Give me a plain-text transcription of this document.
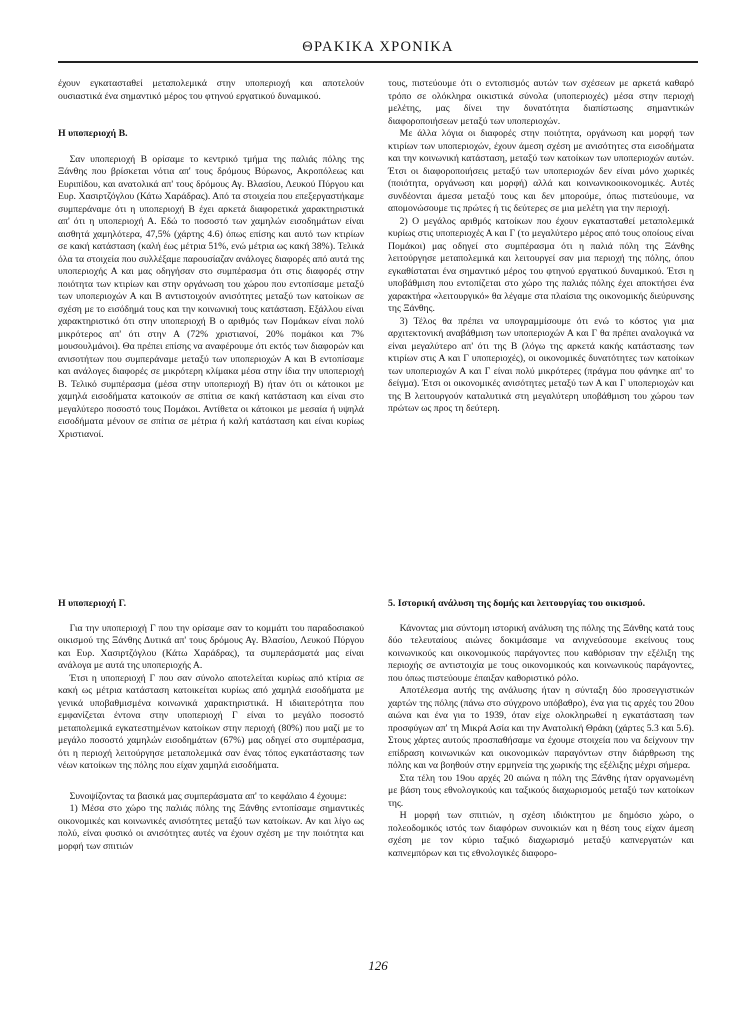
ΘΡΑΚΙΚΑ ΧΡΟΝΙΚΑ

έχουν εγκατασταθεί μεταπολεμικά στην υποπεριοχή και αποτελούν ουσιαστικά ένα σημαντικό μέρος του φτηνού εργατικού δυναμικού.

Η υποπεριοχή Β.

Σαν υποπεριοχή Β ορίσαμε το κεντρικό τμήμα της παλιάς πόλης της Ξάνθης που βρίσκεται νότια απ' τους δρόμους Βύρωνος, Ακροπόλεως και Ευριπίδου, και ανατολικά απ' τους δρόμους Αγ. Βλασίου, Λευκού Πύργου και Ευρ. Χασιρτζόγλου (Κάτω Χαράδρας). Από τα στοιχεία που επεξεργαστήκαμε συμπεράναμε ότι η υποπεριοχή Β έχει αρκετά διαφορετικά χαρακτηριστικά απ' ότι η υποπεριοχή Α. Εδώ το ποσοστό των χαμηλών εισοδημάτων είναι αισθητά χαμηλότερα, 47,5% (χάρτης 4.6) όπως επίσης και αυτό των κτιρίων σε κακή κατάσταση (καλή έως μέτρια 51%, ενώ μέτρια ως κακή 38%). Τελικά όλα τα στοιχεία που συλλέξαμε παρουσίαζαν ανάλογες διαφορές από αυτά της υποπεριοχής Α και μας οδηγήσαν στο συμπέρασμα ότι στις διαφορές στην ποιότητα των κτιρίων και στην οργάνωση του χώρου που εντοπίσαμε μεταξύ των υποπεριοχών Α και Β αντιστοιχούν ανισότητες μεταξύ των κατοίκων σε σχέση με το εισόδημά τους και την κοινωνική τους κατάσταση. Εξάλλου είναι χαρακτηριστικό ότι στην υποπεριοχή Β ο αριθμός των Πομάκων είναι πολύ μικρότερος απ' ότι στην Α (72% χριστιανοί, 20% πομάκοι και 7% μουσουλμάνοι). Θα πρέπει επίσης να αναφέρουμε ότι εκτός των διαφορών και ανισοτήτων που συμπεράναμε μεταξύ των υποπεριοχών Α και Β εντοπίσαμε και ανάλογες διαφορές σε μικρότερη κλίμακα μέσα στην ίδια την υποπεριοχή Β. Τελικό συμπέρασμα (μέσα στην υποπεριοχή Β) ήταν ότι οι κάτοικοι με χαμηλά εισοδήματα κατοικούν σε σπίτια σε κακή κατάσταση και είναι στο μεγαλύτερο ποσοστό τους Πομάκοι. Αντίθετα οι κάτοικοι με μεσαία ή υψηλά εισοδήματα μένουν σε σπίτια σε μέτρια ή καλή κατάσταση και είναι κυρίως Χριστιανοί.

τους, πιστεύουμε ότι ο εντοπισμός αυτών των σχέσεων με αρκετά καθαρό τρόπο σε ολόκληρα οικιστικά σύνολα (υποπεριοχές) μέσα στην περιοχή μελέτης, μας δίνει την δυνατότητα διαπίστωσης σημαντικών διαφοροποιήσεων μεταξύ των υποπεριοχών.

Με άλλα λόγια οι διαφορές στην ποιότητα, οργάνωση και μορφή των κτιρίων των υποπεριοχών, έχουν άμεση σχέση με ανισότητες στα εισοδήματα και την κοινωνική κατάσταση, μεταξύ των κατοίκων των υποπεριοχών αυτών. Έτσι οι διαφοροποιήσεις μεταξύ των υποπεριοχών δεν είναι μόνο χωρικές (ποιότητα, οργάνωση και μορφή) αλλά και κοινωνικοοικονομικές. Αυτές συνδέονται άμεσα μεταξύ τους και δεν μπορούμε, όπως πιστεύουμε, να απομονώσουμε τις πρώτες ή τις δεύτερες σε μια μελέτη για την περιοχή.

2) Ο μεγάλος αριθμός κατοίκων που έχουν εγκατασταθεί μεταπολεμικά κυρίως στις υποπεριοχές Α και Γ (το μεγαλύτερο μέρος από τους οποίους είναι Πομάκοι) μας οδηγεί στο συμπέρασμα ότι η παλιά πόλη της Ξάνθης λειτούργησε μεταπολεμικά και λειτουργεί σαν μια περιοχή της πόλης, όπου εγκαθίσταται ένα σημαντικό μέρος του φτηνού εργατικού δυναμικού. Έτσι η υποβάθμιση που εντοπίζεται στο χώρο της παλιάς πόλης έχει αποκτήσει ένα χαρακτήρα «λειτουργικό» θα λέγαμε στα πλαίσια της οικονομικής διεύρυνσης της Ξάνθης.

3) Τέλος θα πρέπει να υπογραμμίσουμε ότι ενώ το κόστος για μια αρχιτεκτονική αναβάθμιση των υποπεριοχών Α και Γ θα πρέπει αναλογικά να είναι μεγαλύτερο απ' ότι της Β (λόγω της αρκετά κακής κατάστασης των κτιρίων στις Α και Γ υποπεριοχές), οι οικονομικές δυνατότητες των κατοίκων των υποπεριοχών Α και Γ είναι πολύ μικρότερες (πράγμα που φάνηκε απ' το δείγμα). Έτσι οι οικονομικές ανισότητες μεταξύ των Α και Γ υποπεριοχών και της Β λειτουργούν καταλυτικά στη μεγαλύτερη υποβάθμιση του χώρου των πρώτων ως προς τη δεύτερη.

Η υποπεριοχή Γ.

Για την υποπεριοχή Γ που την ορίσαμε σαν το κομμάτι του παραδοσιακού οικισμού της Ξάνθης Δυτικά απ' τους δρόμους Αγ. Βλασίου, Λευκού Πύργου και Ευρ. Χασιρτζόγλου (Κάτω Χαράδρας), τα συμπεράσματά μας είναι ανάλογα με αυτά της υποπεριοχής Α.

Έτσι η υποπεριοχή Γ που σαν σύνολο αποτελείται κυρίως από κτίρια σε κακή ως μέτρια κατάσταση κατοικείται κυρίως από χαμηλά εισοδήματα με γενικά υποβαθμισμένα κοινωνικά χαρακτηριστικά. Η ιδιαιτερότητα που εμφανίζεται έντονα στην υποπεριοχή Γ είναι το μεγάλο ποσοστό μεταπολεμικά εγκατεστημένων κατοίκων στην περιοχή (80%) που μαζί με το μεγάλο ποσοστό χαμηλών εισοδημάτων (67%) μας οδηγεί στο συμπέρασμα, ότι η περιοχή λειτούργησε μεταπολεμικά σαν ένας τόπος εγκατάστασης των νέων κατοίκων της πόλης που είχαν χαμηλά εισοδήματα.

Συνοψίζοντας τα βασικά μας συμπεράσματα απ' το κεφάλαιο 4 έχουμε:

1) Μέσα στο χώρο της παλιάς πόλης της Ξάνθης εντοπίσαμε σημαντικές οικονομικές και κοινωνικές ανισότητες μεταξύ των κατοίκων. Αν και λίγο ως πολύ, είναι φυσικό οι ανισότητες αυτές να έχουν σχέση με την ποιότητα και μορφή των σπιτιών

5. Ιστορική ανάλυση της δομής και λειτουργίας του οικισμού.

Κάνοντας μια σύντομη ιστορική ανάλυση της πόλης της Ξάνθης κατά τους δύο τελευταίους αιώνες δοκιμάσαμε να ανιχνεύσουμε εκείνους τους κοινωνικούς και οικονομικούς παράγοντες που καθόρισαν την εξέλιξη της περιοχής σε αντιστοιχία με τους οικονομικούς και κοινωνικούς παράγοντες, που όπως πιστεύουμε έπαιξαν καθοριστικό ρόλο.

Αποτέλεσμα αυτής της ανάλυσης ήταν η σύνταξη δύο προσεγγιστικών χαρτών της πόλης (πάνω στο σύγχρονο υπόβαθρο), ένα για τις αρχές του 20ου αιώνα και ένα για το 1939, όταν είχε ολοκληρωθεί η εγκατάσταση των προσφύγων απ' τη Μικρά Ασία και την Ανατολική Θράκη (χάρτες 5.3 και 5.6). Στους χάρτες αυτούς προσπαθήσαμε να έχουμε στοιχεία που να δείχνουν την επίδραση κοινωνικών και οικονομικών παραγόντων στην διάρθρωση της πόλης και να βοηθούν στην ερμηνεία της χωρικής της εξέλιξης μέχρι σήμερα.

Στα τέλη του 19ου αρχές 20 αιώνα η πόλη της Ξάνθης ήταν οργανωμένη με βάση τους εθνολογικούς και ταξικούς διαχωρισμούς μεταξύ των κατοίκων της.

Η μορφή των σπιτιών, η σχέση ιδιόκτητου με δημόσιο χώρο, ο πολεοδομικός ιστός των διαφόρων συνοικιών και η θέση τους είχαν άμεση σχέση με τον κύριο ταξικό διαχωρισμό μεταξύ καπνεργατών και καπνεμπόρων και τις εθνολογικές διαφορο-

126
